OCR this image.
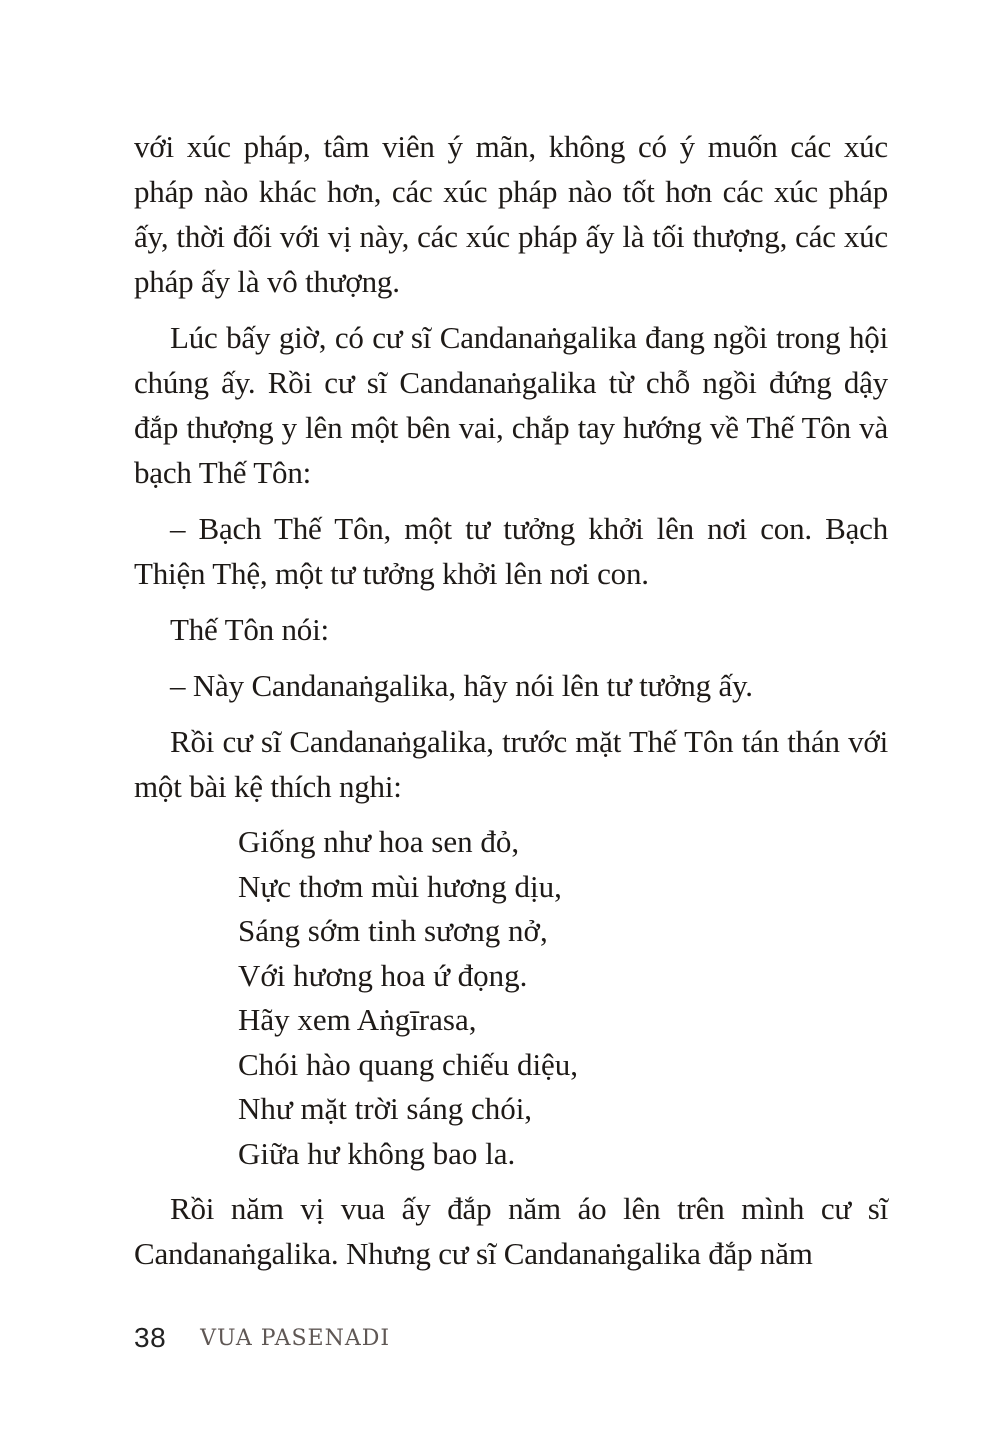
với xúc pháp, tâm viên ý mãn, không có ý muốn các xúc pháp nào khác hơn, các xúc pháp nào tốt hơn các xúc pháp ấy, thời đối với vị này, các xúc pháp ấy là tối thượng, các xúc pháp ấy là vô thượng.

Lúc bấy giờ, có cư sĩ Candanaṅgalika đang ngồi trong hội chúng ấy. Rồi cư sĩ Candanaṅgalika từ chỗ ngồi đứng dậy đắp thượng y lên một bên vai, chắp tay hướng về Thế Tôn và bạch Thế Tôn:

– Bạch Thế Tôn, một tư tưởng khởi lên nơi con. Bạch Thiện Thệ, một tư tưởng khởi lên nơi con.

Thế Tôn nói:

– Này Candanaṅgalika, hãy nói lên tư tưởng ấy.

Rồi cư sĩ Candanaṅgalika, trước mặt Thế Tôn tán thán với một bài kệ thích nghi:

Giống như hoa sen đỏ,
Nực thơm mùi hương dịu,
Sáng sớm tinh sương nở,
Với hương hoa ứ đọng.
Hãy xem Aṅgīrasa,
Chói hào quang chiếu diệu,
Như mặt trời sáng chói,
Giữa hư không bao la.

Rồi năm vị vua ấy đắp năm áo lên trên mình cư sĩ Candanaṅgalika. Nhưng cư sĩ Candanaṅgalika đắp năm

38 VUA PASENADI
